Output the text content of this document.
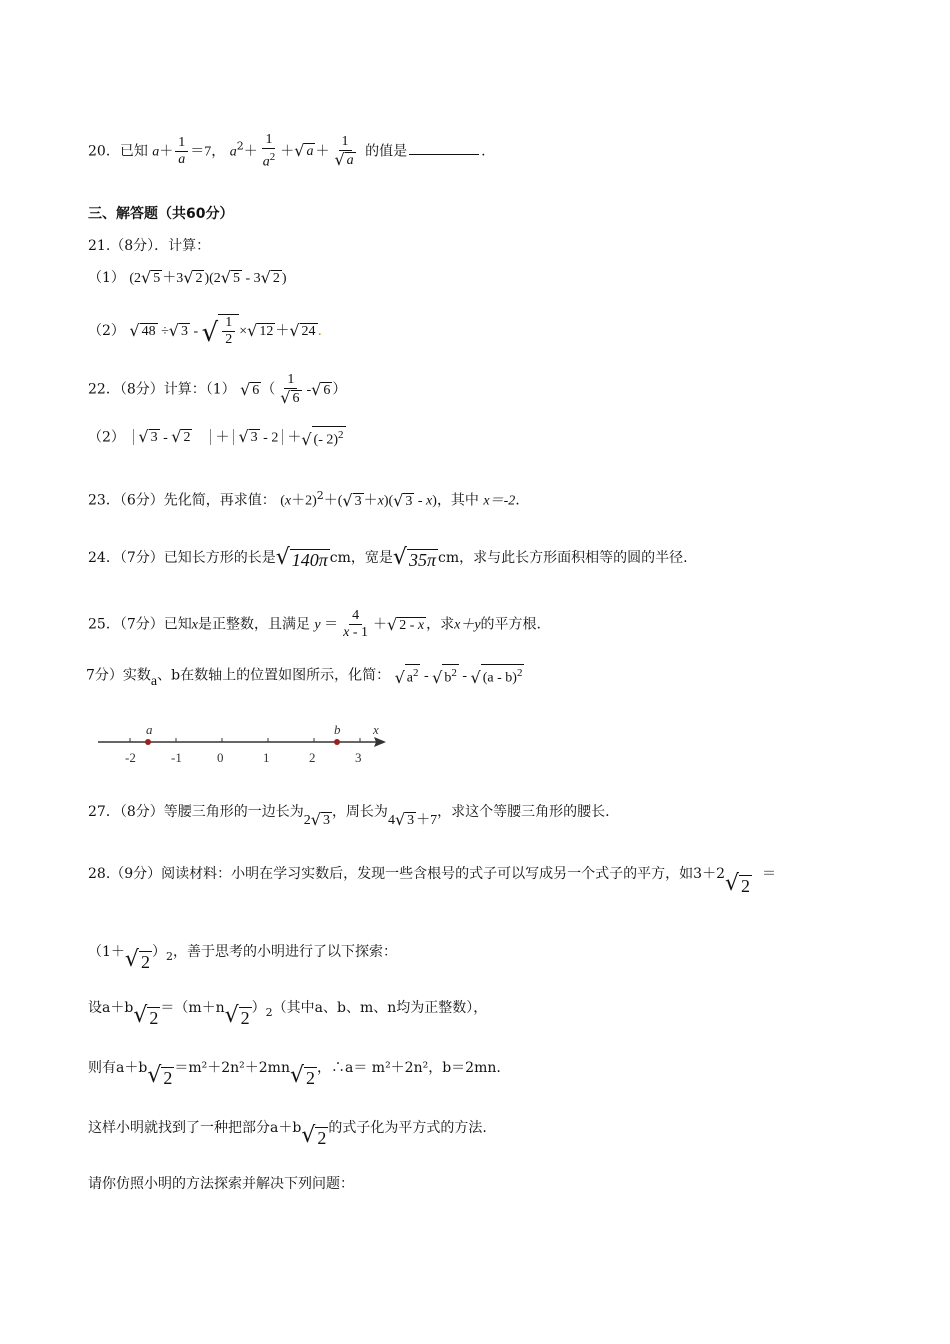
20．已知 $a+ \frac{1}{a} =7$， $a^2+ \frac{1}{a^2}$ ＋ √ $a + \frac{1}{√ a}$ 的值是	.
三、解答题（共60分）
21.（8分）．计算：
（1） (2 √ 5 ＋3 √ 2 )(2 √ 5 - 3 √ 2 )
（2） √ 48 ÷ √ 3 - √ $\frac{1}{2}$ × √ 12 ＋ √ 24 .
22．（8分）计算：（1） √ 6 （ $\frac{1}{√ 6}$ - √ 6 ）
（2） √ 3 - √ 2 ＋ √ 3 - 2 ＋ √ (- 2)$^2$
23．（6分）先化简，再求值： $(x+2)^2+$( √ 3 ＋x)( √ 3 - x)，其中 x＝-2.
24．（7分）已知长方形的长是 √ 140π cm，宽是 √ 35π cm，求与此长方形面积相等的圆的半径.
25．（7分）已知x是正整数，且满足 $y = \frac{4}{x - 1}$ ＋ √ 2 - x ，求x＋y的平方根.
7分）实数a、b在数轴上的位置如图所示，化简： √ $a^2$ - √ $b^2$ - √ (a - b)$^2$
-2	-1	0	1	2	3
a	b	x
27．（8分）等腰三角形的一边长为2 √ 3
，周长为4 √ 3 ＋7，求这个等腰三角形的腰长.
28.（9分）阅读材料：小明在学习实数后，发现一些含根号的式子可以写成另一个式子的平方，如3＋2 √ 2
＝
（1＋ √ 2 ）$_2$，善于思考的小明进行了以下探索：
设a＋b √ 2 ＝（m＋n √ 2 ）$_2$（其中a、b、m、n均为正整数），
则有a＋b √ 2 ＝m²＋2n²＋2mn √ 2 ，∴a＝ m²＋2n²，b＝2mn.
这样小明就找到了一种把部分a＋b √ 2 的式子化为平方式的方法.
请你仿照小明的方法探索并解决下列问题：
